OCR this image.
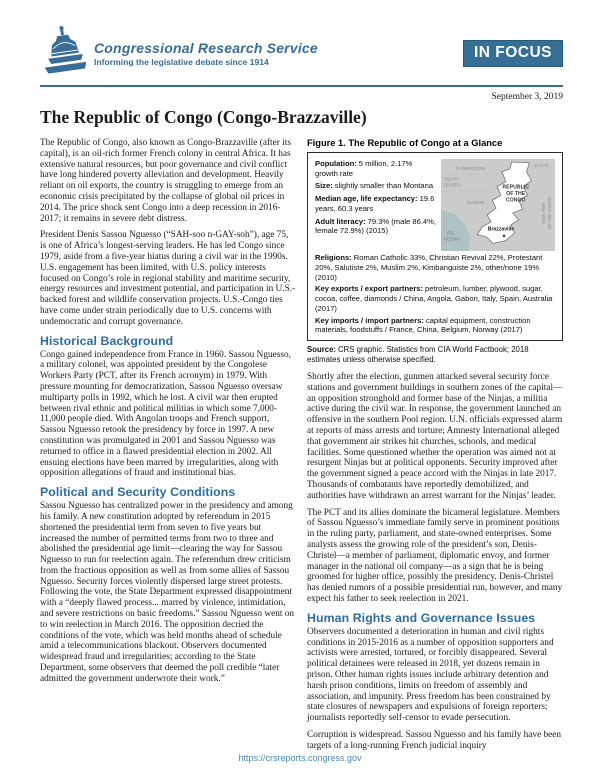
Congressional Research Service
Informing the legislative debate since 1914
IN FOCUS
September 3, 2019
The Republic of Congo (Congo-Brazzaville)

The Republic of Congo, also known as Congo-Brazzaville (after its capital), is an oil-rich former French colony in central Africa. It has extensive natural resources, but poor governance and civil conflict have long hindered poverty alleviation and development. Heavily reliant on oil exports, the country is struggling to emerge from an economic crisis precipitated by the collapse of global oil prices in 2014. The price shock sent Congo into a deep recession in 2016-2017; it remains in severe debt distress.

President Denis Sassou Nguesso (“SAH-soo n-GAY-soh”), age 75, is one of Africa’s longest-serving leaders. He has led Congo since 1979, aside from a five-year hiatus during a civil war in the 1990s. U.S. engagement has been limited, with U.S. policy interests focused on Congo’s role in regional stability and maritime security, energy resources and investment potential, and participation in U.S.-backed forest and wildlife conservation projects. U.S.-Congo ties have come under strain periodically due to U.S. concerns with undemocratic and corrupt governance.

Historical Background

Congo gained independence from France in 1960. Sassou Nguesso, a military colonel, was appointed president by the Congolese Workers Party (PCT, after its French acronym) in 1979. With pressure mounting for democratization, Sassou Nguesso oversaw multiparty polls in 1992, which he lost. A civil war then erupted between rival ethnic and political militias in which some 7,000-11,000 people died. With Angolan troops and French support, Sassou Nguesso retook the presidency by force in 1997. A new constitution was promulgated in 2001 and Sassou Nguesso was returned to office in a flawed presidential election in 2002. All ensuing elections have been marred by irregularities, along with opposition allegations of fraud and institutional bias.

Political and Security Conditions

Sassou Nguesso has centralized power in the presidency and among his family. A new constitution adopted by referendum in 2015 shortened the presidential term from seven to five years but increased the number of permitted terms from two to three and abolished the presidential age limit—clearing the way for Sassou Nguesso to run for reelection again. The referendum drew criticism from the fractious opposition as well as from some allies of Sassou Nguesso. Security forces violently dispersed large street protests. Following the vote, the State Department expressed disappointment with a “deeply flawed process... marred by violence, intimidation, and severe restrictions on basic freedoms.” Sassou Nguesso went on to win reelection in March 2016. The opposition decried the conditions of the vote, which was held months ahead of schedule amid a telecommunications blackout. Observers documented widespread fraud and irregularities; according to the State Department, some observers that deemed the poll credible “later admitted the government underwrote their work.”

Figure 1. The Republic of Congo at a Glance
Population: 5 million, 2.17% growth rate
Size: slightly smaller than Montana
Median age, life expectancy: 19.6 years, 60.3 years
Adult literacy: 79.3% (male 86.4%, female 72.9%) (2015)
CAMEROON
C.A.R.
EQUAT.
GUINEA
GABON
REPUBLIC
OF THE
CONGO
Brazzaville
★
ATL.
OCEAN
DEM. REP. OF THE CONGO
Religions: Roman Catholic 33%, Christian Revival 22%, Protestant 20%, Salutiste 2%, Muslim 2%, Kimbanguiste 2%, other/none 19% (2010)
Key exports / export partners: petroleum, lumber, plywood, sugar, cocoa, coffee, diamonds / China, Angola, Gabon, Italy, Spain, Australia (2017)
Key imports / import partners: capital equipment, construction materials, foodstuffs / France, China, Belgium, Norway (2017)
Source: CRS graphic. Statistics from CIA World Factbook; 2018 estimates unless otherwise specified.

Shortly after the election, gunmen attacked several security force stations and government buildings in southern zones of the capital—an opposition stronghold and former base of the Ninjas, a militia active during the civil war. In response, the government launched an offensive in the southern Pool region. U.N. officials expressed alarm at reports of mass arrests and torture; Amnesty International alleged that government air strikes hit churches, schools, and medical facilities. Some questioned whether the operation was aimed not at resurgent Ninjas but at political opponents. Security improved after the government signed a peace accord with the Ninjas in late 2017. Thousands of combatants have reportedly demobilized, and authorities have withdrawn an arrest warrant for the Ninjas’ leader.

The PCT and its allies dominate the bicameral legislature. Members of Sassou Nguesso’s immediate family serve in prominent positions in the ruling party, parliament, and state-owned enterprises. Some analysts assess the growing role of the president’s son, Denis-Christel—a member of parliament, diplomatic envoy, and former manager in the national oil company—as a sign that he is being groomed for higher office, possibly the presidency. Denis-Christel has denied rumors of a possible presidential run, however, and many expect his father to seek reelection in 2021.

Human Rights and Governance Issues

Observers documented a deterioration in human and civil rights conditions in 2015-2016 as a number of opposition supporters and activists were arrested, tortured, or forcibly disappeared. Several political detainees were released in 2018, yet dozens remain in prison. Other human rights issues include arbitrary detention and harsh prison conditions, limits on freedom of assembly and association, and impunity. Press freedom has been constrained by state closures of newspapers and expulsions of foreign reporters; journalists reportedly self-censor to evade persecution.

Corruption is widespread. Sassou Nguesso and his family have been targets of a long-running French judicial inquiry

https://crsreports.congress.gov
